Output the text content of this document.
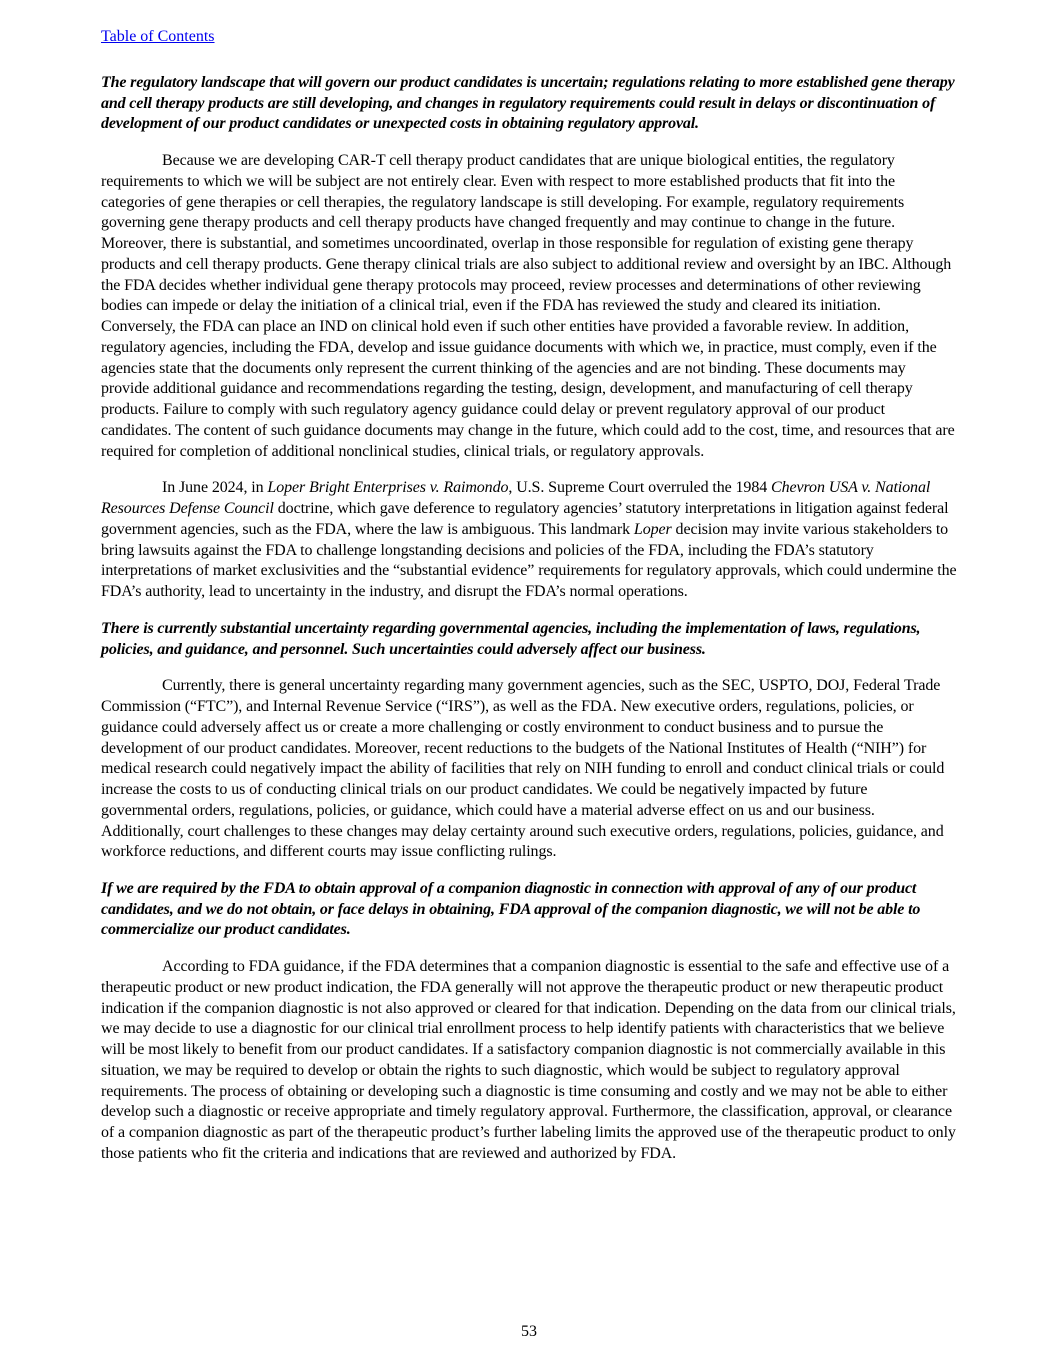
Table of Contents

The regulatory landscape that will govern our product candidates is uncertain; regulations relating to more established gene therapy and cell therapy products are still developing, and changes in regulatory requirements could result in delays or discontinuation of development of our product candidates or unexpected costs in obtaining regulatory approval.

Because we are developing CAR-T cell therapy product candidates that are unique biological entities, the regulatory requirements to which we will be subject are not entirely clear. Even with respect to more established products that fit into the categories of gene therapies or cell therapies, the regulatory landscape is still developing. For example, regulatory requirements governing gene therapy products and cell therapy products have changed frequently and may continue to change in the future. Moreover, there is substantial, and sometimes uncoordinated, overlap in those responsible for regulation of existing gene therapy products and cell therapy products. Gene therapy clinical trials are also subject to additional review and oversight by an IBC. Although the FDA decides whether individual gene therapy protocols may proceed, review processes and determinations of other reviewing bodies can impede or delay the initiation of a clinical trial, even if the FDA has reviewed the study and cleared its initiation. Conversely, the FDA can place an IND on clinical hold even if such other entities have provided a favorable review. In addition, regulatory agencies, including the FDA, develop and issue guidance documents with which we, in practice, must comply, even if the agencies state that the documents only represent the current thinking of the agencies and are not binding. These documents may provide additional guidance and recommendations regarding the testing, design, development, and manufacturing of cell therapy products. Failure to comply with such regulatory agency guidance could delay or prevent regulatory approval of our product candidates. The content of such guidance documents may change in the future, which could add to the cost, time, and resources that are required for completion of additional nonclinical studies, clinical trials, or regulatory approvals.

In June 2024, in Loper Bright Enterprises v. Raimondo, U.S. Supreme Court overruled the 1984 Chevron USA v. National Resources Defense Council doctrine, which gave deference to regulatory agencies’ statutory interpretations in litigation against federal government agencies, such as the FDA, where the law is ambiguous. This landmark Loper decision may invite various stakeholders to bring lawsuits against the FDA to challenge longstanding decisions and policies of the FDA, including the FDA’s statutory interpretations of market exclusivities and the “substantial evidence” requirements for regulatory approvals, which could undermine the FDA’s authority, lead to uncertainty in the industry, and disrupt the FDA’s normal operations.

There is currently substantial uncertainty regarding governmental agencies, including the implementation of laws, regulations, policies, and guidance, and personnel. Such uncertainties could adversely affect our business.

Currently, there is general uncertainty regarding many government agencies, such as the SEC, USPTO, DOJ, Federal Trade Commission (“FTC”), and Internal Revenue Service (“IRS”), as well as the FDA. New executive orders, regulations, policies, or guidance could adversely affect us or create a more challenging or costly environment to conduct business and to pursue the development of our product candidates. Moreover, recent reductions to the budgets of the National Institutes of Health (“NIH”) for medical research could negatively impact the ability of facilities that rely on NIH funding to enroll and conduct clinical trials or could increase the costs to us of conducting clinical trials on our product candidates. We could be negatively impacted by future governmental orders, regulations, policies, or guidance, which could have a material adverse effect on us and our business. Additionally, court challenges to these changes may delay certainty around such executive orders, regulations, policies, guidance, and workforce reductions, and different courts may issue conflicting rulings.

If we are required by the FDA to obtain approval of a companion diagnostic in connection with approval of any of our product candidates, and we do not obtain, or face delays in obtaining, FDA approval of the companion diagnostic, we will not be able to commercialize our product candidates.

According to FDA guidance, if the FDA determines that a companion diagnostic is essential to the safe and effective use of a therapeutic product or new product indication, the FDA generally will not approve the therapeutic product or new therapeutic product indication if the companion diagnostic is not also approved or cleared for that indication. Depending on the data from our clinical trials, we may decide to use a diagnostic for our clinical trial enrollment process to help identify patients with characteristics that we believe will be most likely to benefit from our product candidates. If a satisfactory companion diagnostic is not commercially available in this situation, we may be required to develop or obtain the rights to such diagnostic, which would be subject to regulatory approval requirements. The process of obtaining or developing such a diagnostic is time consuming and costly and we may not be able to either develop such a diagnostic or receive appropriate and timely regulatory approval. Furthermore, the classification, approval, or clearance of a companion diagnostic as part of the therapeutic product’s further labeling limits the approved use of the therapeutic product to only those patients who fit the criteria and indications that are reviewed and authorized by FDA.

53
